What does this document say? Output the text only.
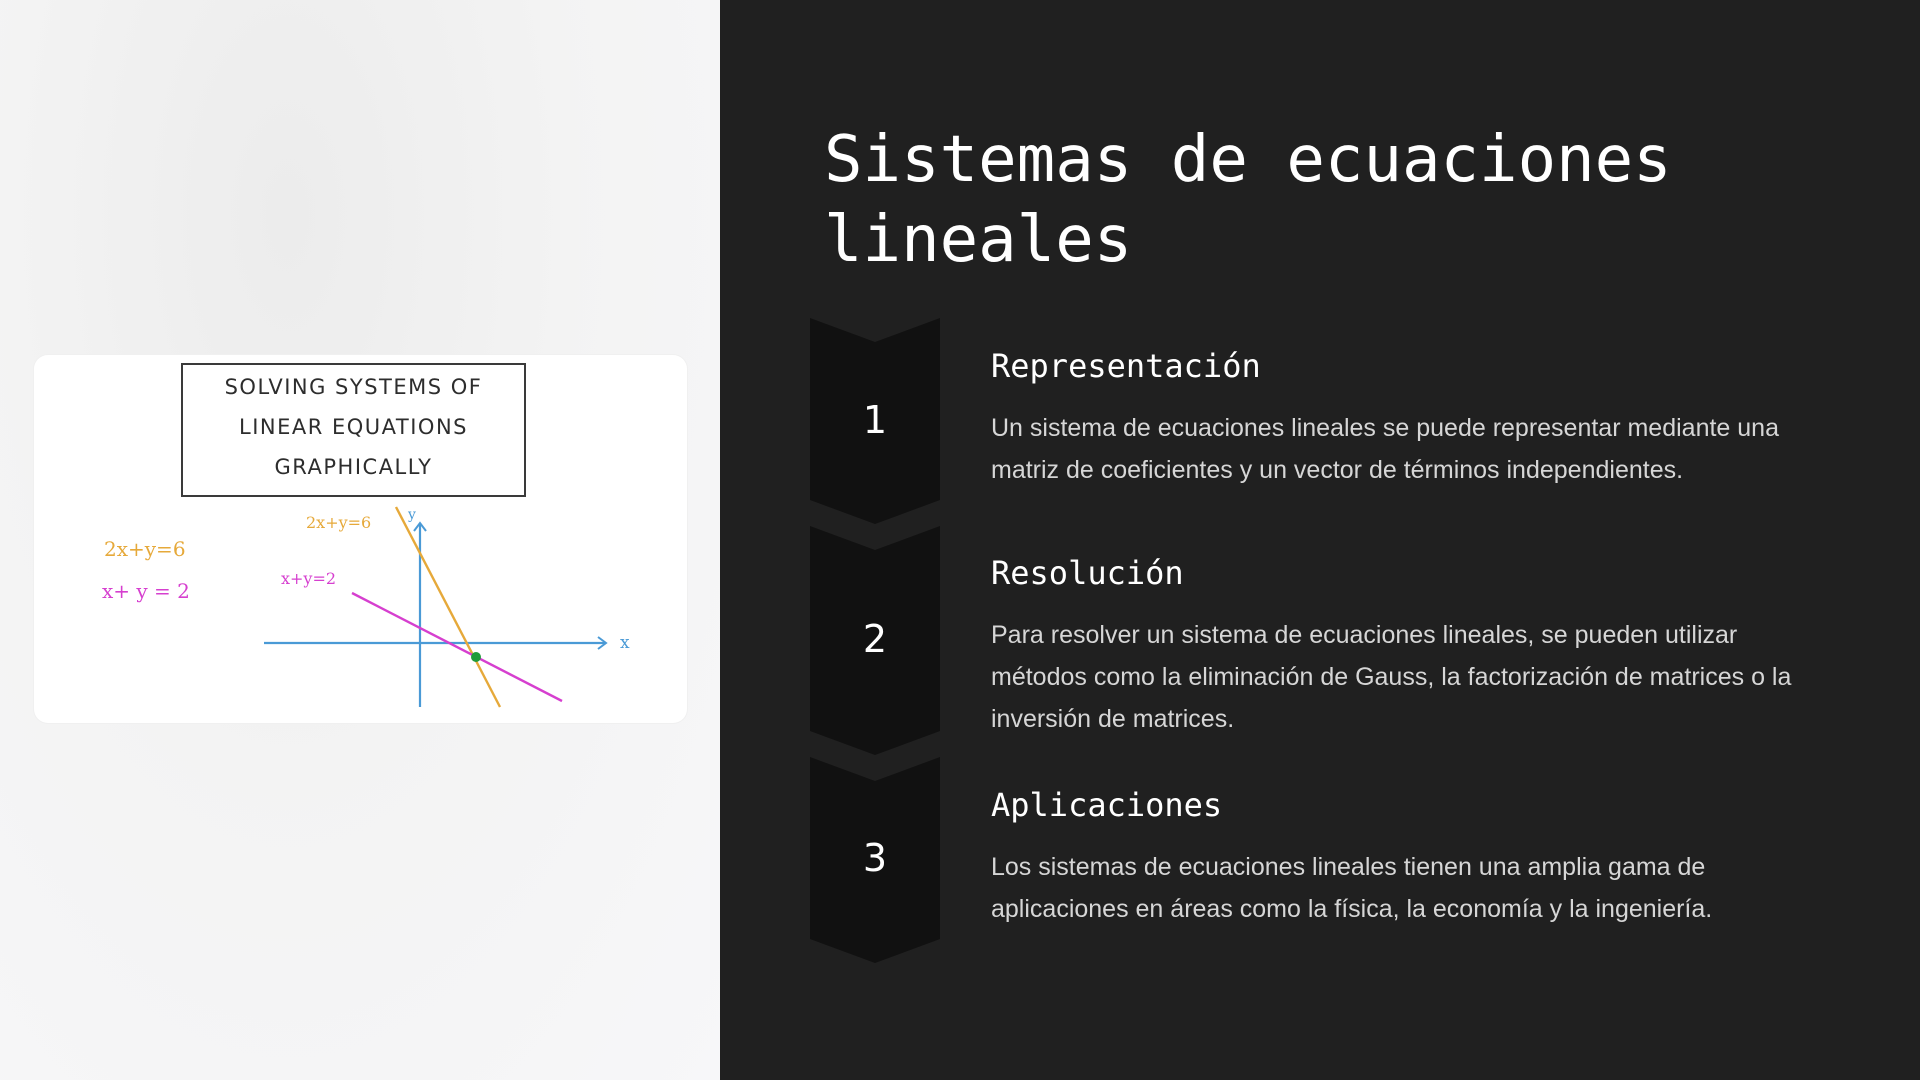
SOLVING SYSTEMS OF
LINEAR EQUATIONS
GRAPHICALLY
2x+y=6
x+ y = 2
2x+y=6
x+y=2
x
y
Sistemas de ecuaciones lineales
1
Representación
Un sistema de ecuaciones lineales se puede representar mediante una matriz de coeficientes y un vector de términos independientes.
2
Resolución
Para resolver un sistema de ecuaciones lineales, se pueden utilizar métodos como la eliminación de Gauss, la factorización de matrices o la inversión de matrices.
3
Aplicaciones
Los sistemas de ecuaciones lineales tienen una amplia gama de aplicaciones en áreas como la física, la economía y la ingeniería.
